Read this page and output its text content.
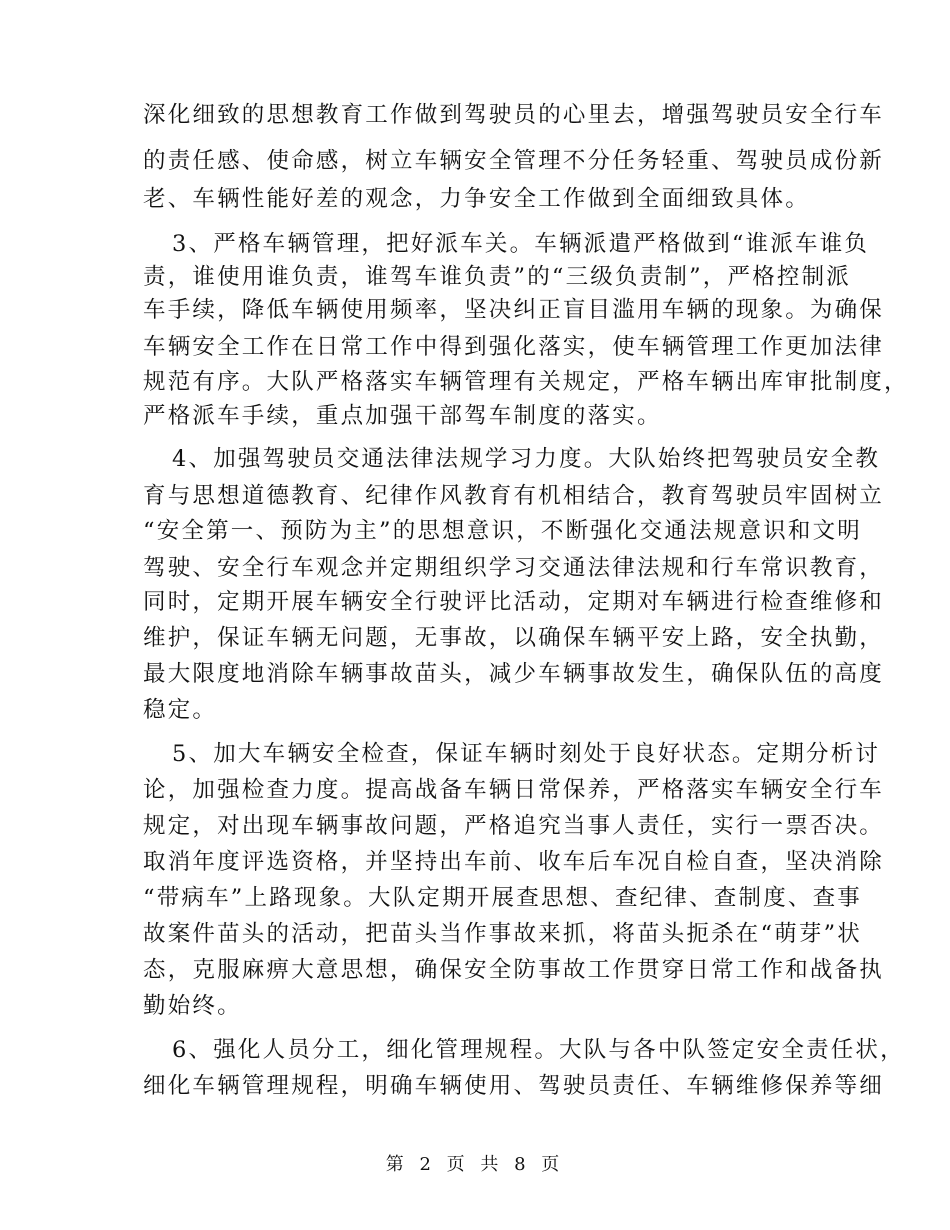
深化细致的思想教育工作做到驾驶员的心里去，增强驾驶员安全行车
的责任感、使命感，树立车辆安全管理不分任务轻重、驾驶员成份新
老、车辆性能好差的观念，力争安全工作做到全面细致具体。
3、严格车辆管理，把好派车关。车辆派遣严格做到“谁派车谁负
责，谁使用谁负责，谁驾车谁负责”的“三级负责制”，严格控制派
车手续，降低车辆使用频率，坚决纠正盲目滥用车辆的现象。为确保
车辆安全工作在日常工作中得到强化落实，使车辆管理工作更加法律
规范有序。大队严格落实车辆管理有关规定，严格车辆出库审批制度，
严格派车手续，重点加强干部驾车制度的落实。
4、加强驾驶员交通法律法规学习力度。大队始终把驾驶员安全教
育与思想道德教育、纪律作风教育有机相结合，教育驾驶员牢固树立
“安全第一、预防为主”的思想意识，不断强化交通法规意识和文明
驾驶、安全行车观念并定期组织学习交通法律法规和行车常识教育，
同时，定期开展车辆安全行驶评比活动，定期对车辆进行检查维修和
维护，保证车辆无问题，无事故，以确保车辆平安上路，安全执勤，
最大限度地消除车辆事故苗头，减少车辆事故发生，确保队伍的高度
稳定。
5、加大车辆安全检查，保证车辆时刻处于良好状态。定期分析讨
论，加强检查力度。提高战备车辆日常保养，严格落实车辆安全行车
规定，对出现车辆事故问题，严格追究当事人责任，实行一票否决。
取消年度评选资格，并坚持出车前、收车后车况自检自查，坚决消除
“带病车”上路现象。大队定期开展查思想、查纪律、查制度、查事
故案件苗头的活动，把苗头当作事故来抓，将苗头扼杀在“萌芽”状
态，克服麻痹大意思想，确保安全防事故工作贯穿日常工作和战备执
勤始终。
6、强化人员分工，细化管理规程。大队与各中队签定安全责任状，
细化车辆管理规程，明确车辆使用、驾驶员责任、车辆维修保养等细
第 2 页 共 8 页
